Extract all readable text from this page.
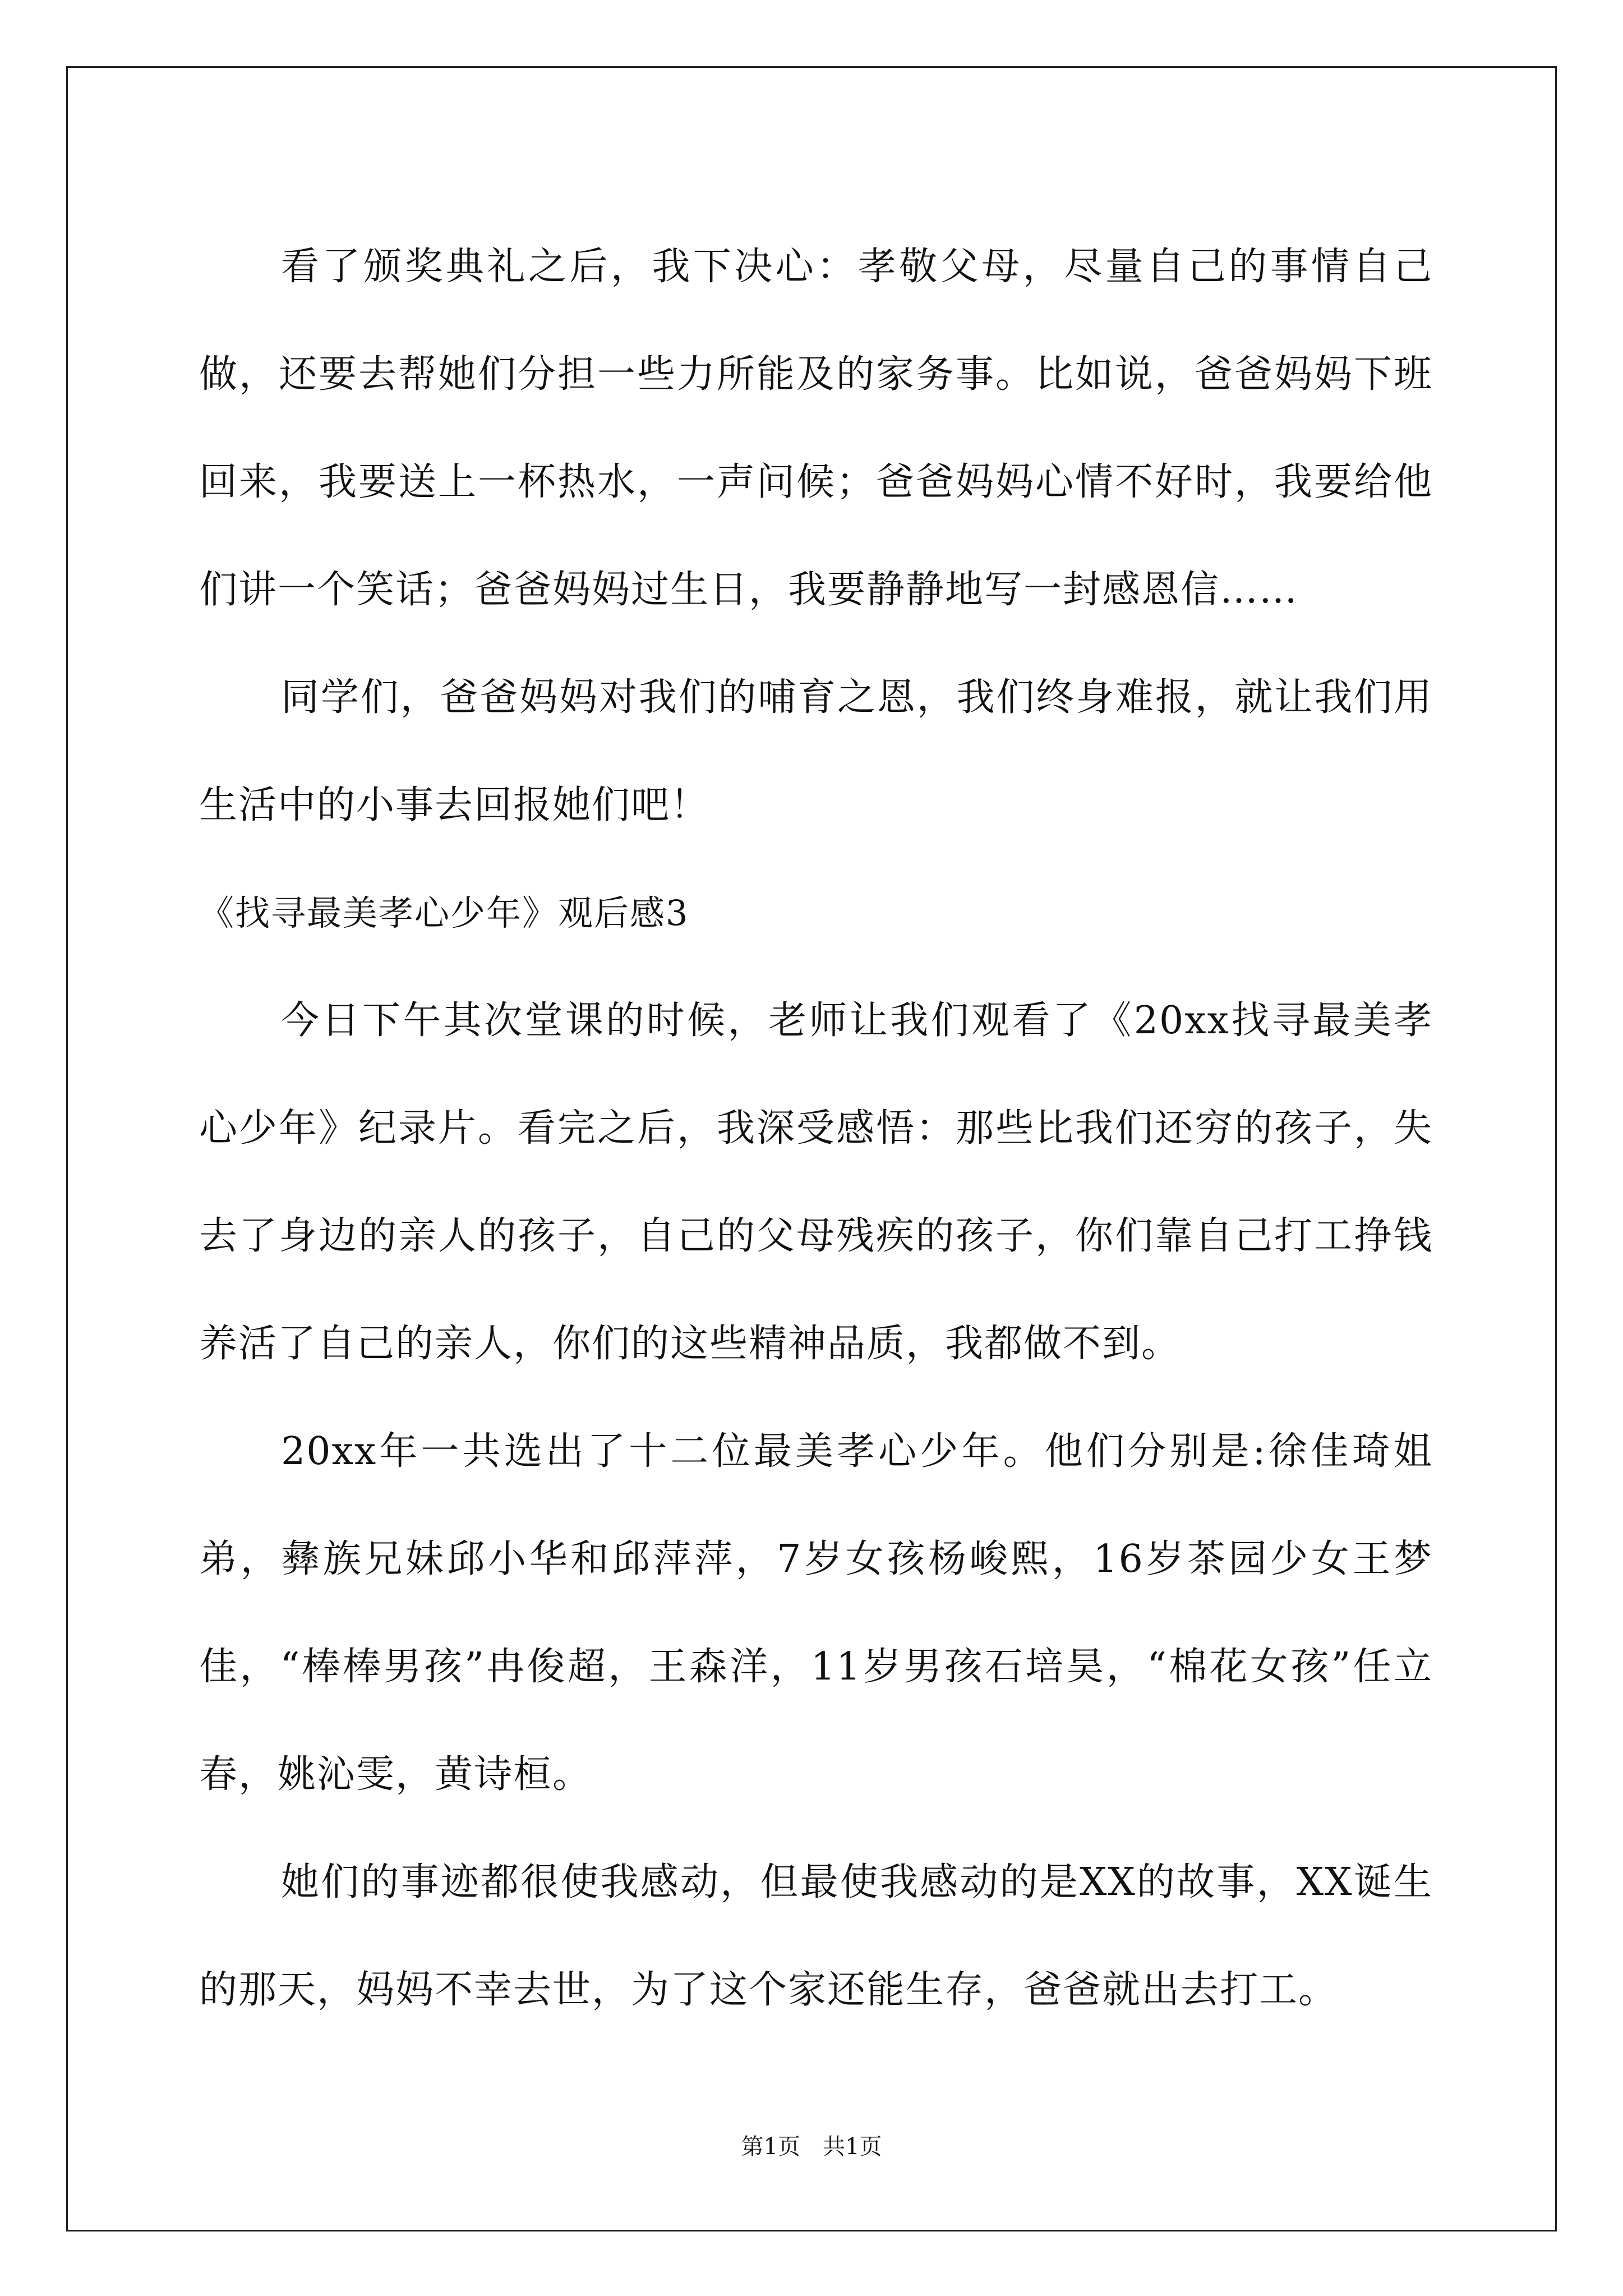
看了颁奖典礼之后，我下决心：孝敬父母，尽量自己的事情自己做，还要去帮她们分担一些力所能及的家务事。比如说，爸爸妈妈下班回来，我要送上一杯热水，一声问候；爸爸妈妈心情不好时，我要给他们讲一个笑话；爸爸妈妈过生日，我要静静地写一封感恩信……

同学们，爸爸妈妈对我们的哺育之恩，我们终身难报，就让我们用生活中的小事去回报她们吧！

《找寻最美孝心少年》观后感3

今日下午其次堂课的时候，老师让我们观看了《20xx找寻最美孝心少年》纪录片。看完之后，我深受感悟：那些比我们还穷的孩子，失去了身边的亲人的孩子，自己的父母残疾的孩子，你们靠自己打工挣钱养活了自己的亲人，你们的这些精神品质，我都做不到。

20xx年一共选出了十二位最美孝心少年。他们分别是:徐佳琦姐弟，彝族兄妹邱小华和邱萍萍，7岁女孩杨峻熙，16岁茶园少女王梦佳，“棒棒男孩”冉俊超，王森洋，11岁男孩石培昊，“棉花女孩”任立春，姚沁雯，黄诗桓。

她们的事迹都很使我感动，但最使我感动的是XX的故事，XX诞生的那天，妈妈不幸去世，为了这个家还能生存，爸爸就出去打工。

第1页　共1页
